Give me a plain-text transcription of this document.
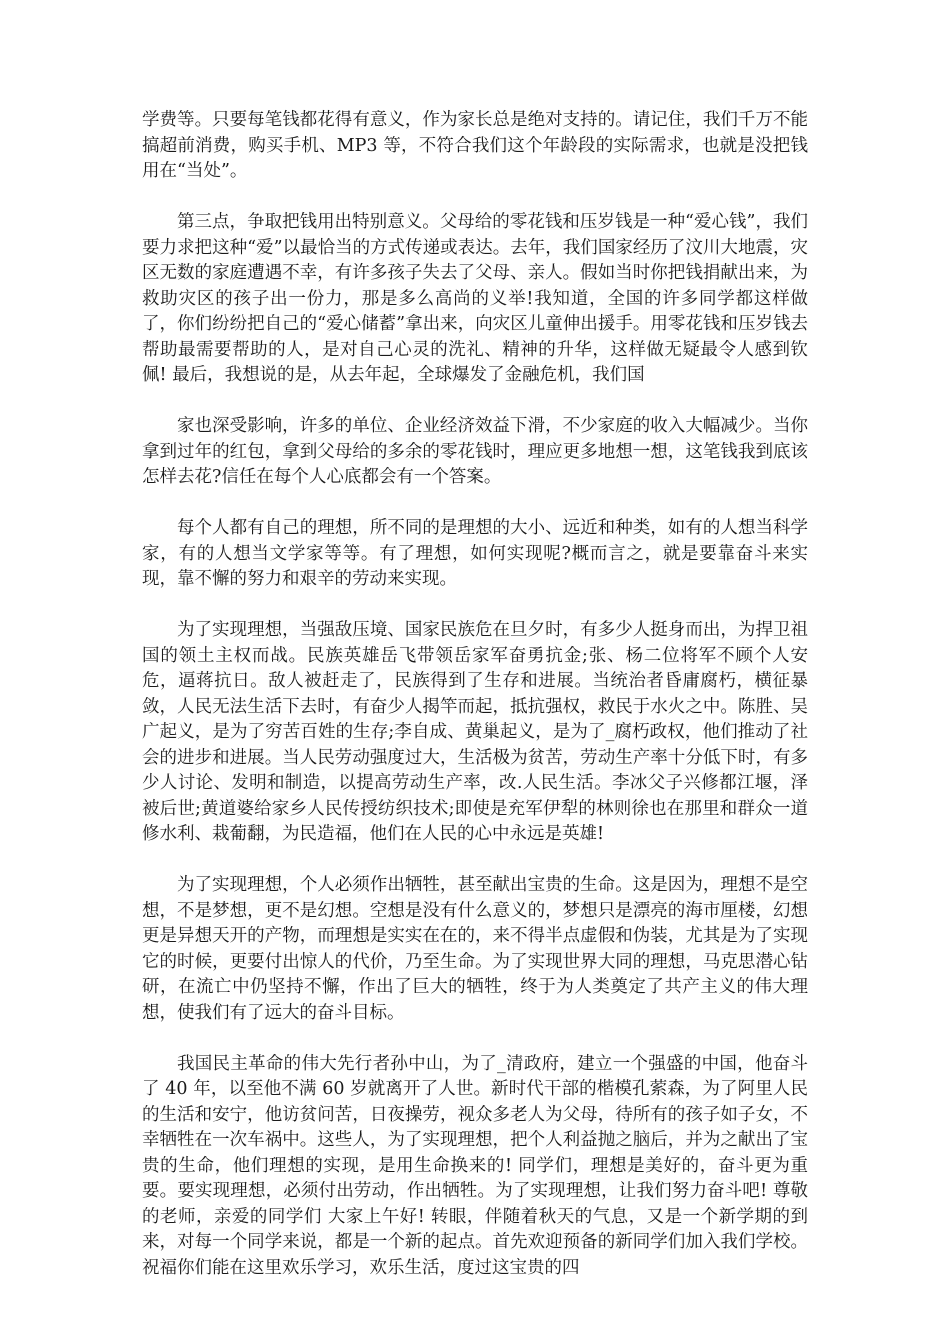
学费等。只要每笔钱都花得有意义，作为家长总是绝对支持的。请记住，我们千万不能搞超前消费，购买手机、MP3 等，不符合我们这个年龄段的实际需求，也就是没把钱用在“当处”。

第三点，争取把钱用出特别意义。父母给的零花钱和压岁钱是一种“爱心钱”，我们要力求把这种“爱”以最恰当的方式传递或表达。去年，我们国家经历了汶川大地震，灾区无数的家庭遭遇不幸，有许多孩子失去了父母、亲人。假如当时你把钱捐献出来，为救助灾区的孩子出一份力，那是多么高尚的义举!我知道，全国的许多同学都这样做了，你们纷纷把自己的“爱心储蓄”拿出来，向灾区儿童伸出援手。用零花钱和压岁钱去帮助最需要帮助的人，是对自己心灵的洗礼、精神的升华，这样做无疑最令人感到钦佩! 最后，我想说的是，从去年起，全球爆发了金融危机，我们国

家也深受影响，许多的单位、企业经济效益下滑，不少家庭的收入大幅减少。当你拿到过年的红包，拿到父母给的多余的零花钱时，理应更多地想一想，这笔钱我到底该怎样去花?信任在每个人心底都会有一个答案。

每个人都有自己的理想，所不同的是理想的大小、远近和种类，如有的人想当科学家，有的人想当文学家等等。有了理想，如何实现呢?概而言之，就是要靠奋斗来实现，靠不懈的努力和艰辛的劳动来实现。

为了实现理想，当强敌压境、国家民族危在旦夕时，有多少人挺身而出，为捍卫祖国的领土主权而战。民族英雄岳飞带领岳家军奋勇抗金;张、杨二位将军不顾个人安危，逼蒋抗日。敌人被赶走了，民族得到了生存和进展。当统治者昏庸腐朽，横征暴敛，人民无法生活下去时，有奋少人揭竿而起，抵抗强权，救民于水火之中。陈胜、吴广起义，是为了穷苦百姓的生存;李自成、黄巢起义，是为了_腐朽政权，他们推动了社会的进步和进展。当人民劳动强度过大，生活极为贫苦，劳动生产率十分低下时，有多少人讨论、发明和制造，以提高劳动生产率，改.人民生活。李冰父子兴修都江堰，泽被后世;黄道婆给家乡人民传授纺织技术;即使是充军伊犁的林则徐也在那里和群众一道修水利、栽葡翻，为民造福，他们在人民的心中永远是英雄!

为了实现理想，个人必须作出牺牲，甚至献出宝贵的生命。这是因为，理想不是空想，不是梦想，更不是幻想。空想是没有什么意义的，梦想只是漂亮的海市厘楼，幻想更是异想天开的产物，而理想是实实在在的，来不得半点虚假和伪装，尤其是为了实现它的时候，更要付出惊人的代价，乃至生命。为了实现世界大同的理想，马克思潜心钻研，在流亡中仍坚持不懈，作出了巨大的牺牲，终于为人类奠定了共产主义的伟大理想，使我们有了远大的奋斗目标。

我国民主革命的伟大先行者孙中山，为了_清政府，建立一个强盛的中国，他奋斗了 40 年，以至他不满 60 岁就离开了人世。新时代干部的楷模孔萦森，为了阿里人民的生活和安宁，他访贫问苦，日夜操劳，视众多老人为父母，待所有的孩子如子女，不幸牺牲在一次车祸中。这些人，为了实现理想，把个人利益抛之脑后，并为之献出了宝贵的生命，他们理想的实现，是用生命换来的! 同学们，理想是美好的，奋斗更为重要。要实现理想，必须付出劳动，作出牺牲。为了实现理想，让我们努力奋斗吧! 尊敬的老师，亲爱的同学们 大家上午好! 转眼，伴随着秋天的气息，又是一个新学期的到来，对每一个同学来说，都是一个新的起点。首先欢迎预备的新同学们加入我们学校。祝福你们能在这里欢乐学习，欢乐生活，度过这宝贵的四
